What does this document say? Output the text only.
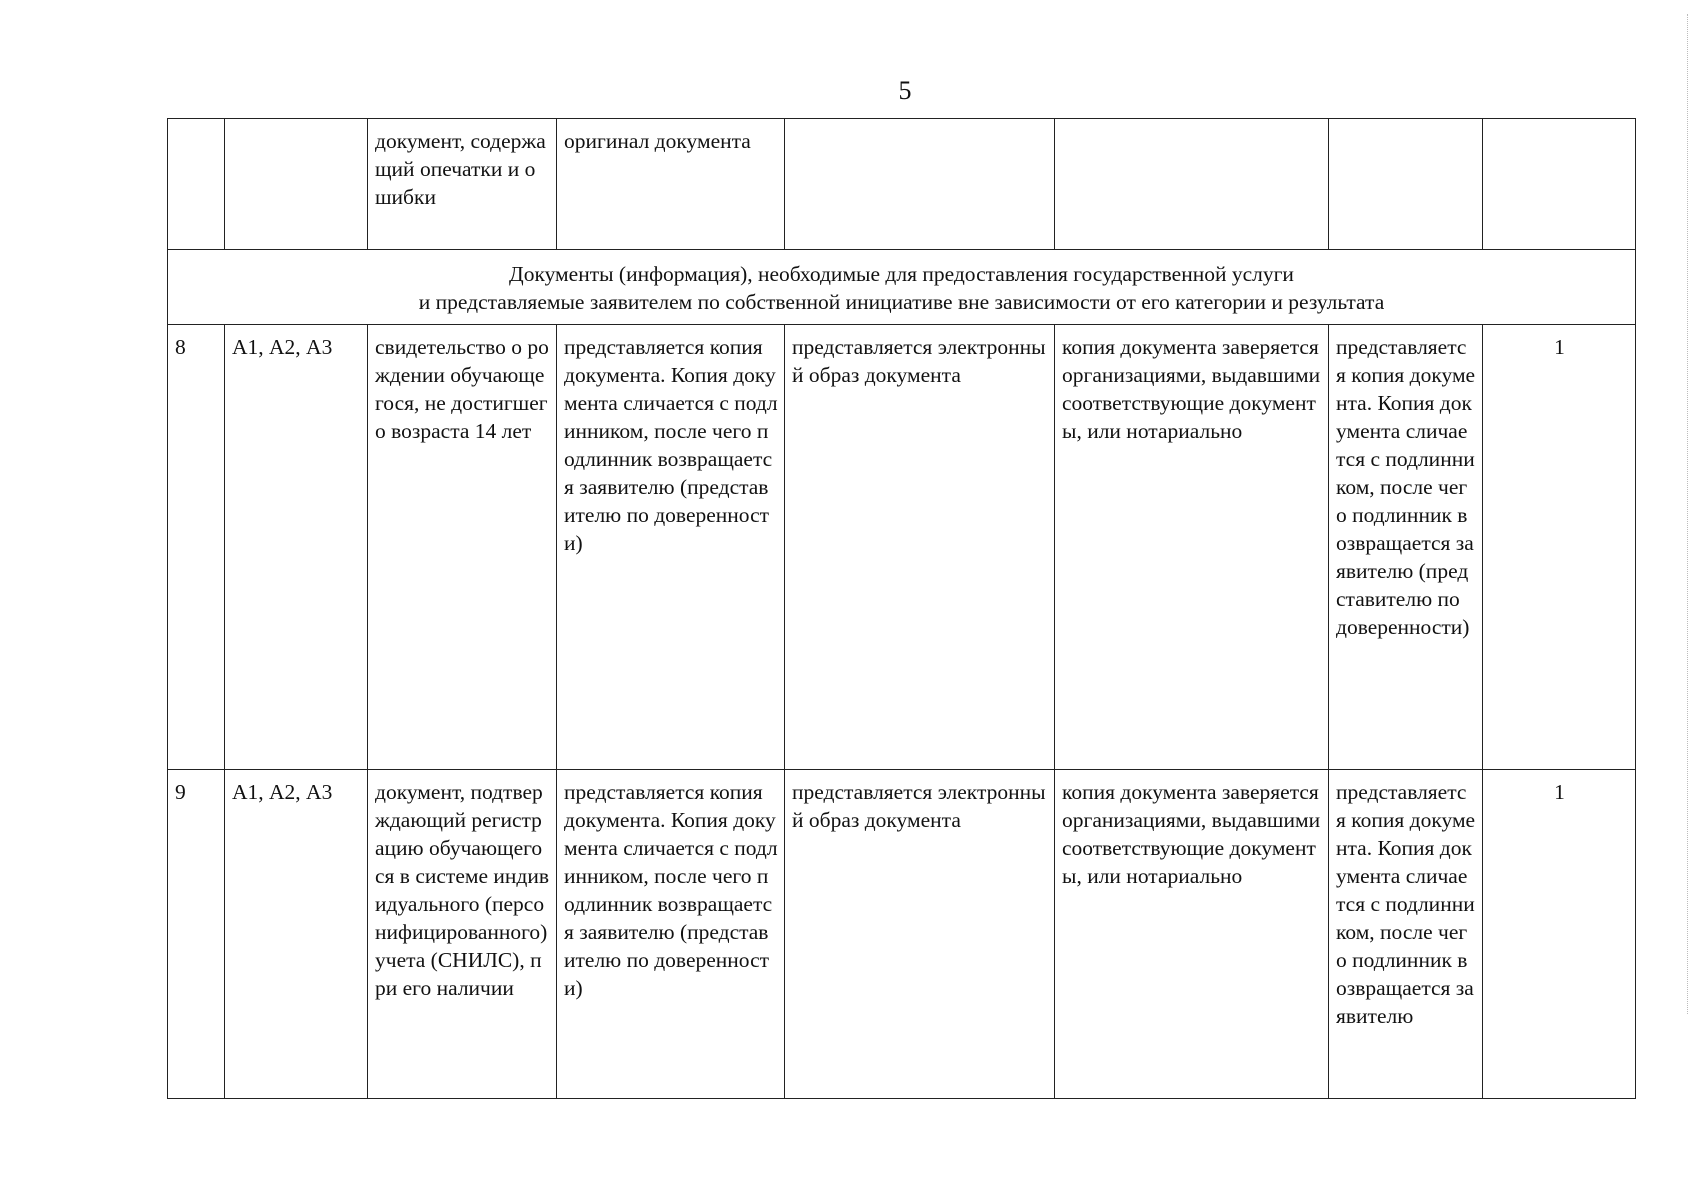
5
		документ, содержащий опечатки и ошибки	оригинал документа				

Документы (информация), необходимые для предоставления государственной услуги
и представляемые заявителем по собственной инициативе вне зависимости от его категории и результата							

8	А1, А2, А3	свидетельство о рождении обучающегося, не достигшего возраста 14 лет	представляется копия документа. Копия документа сличается с подлинником, после чего подлинник возвращается заявителю (представителю по доверенности)	представляется электронный образ документа	копия документа заверяется организациями, выдавшими соответствующие документы, или нотариально	представляется копия документа. Копия документа сличается с подлинником, после чего подлинник возвращается заявителю (представителю по доверенности)	1
9	А1, А2, А3	документ, подтверждающий регистрацию обучающегося в системе индивидуального (персонифицированного) учета (СНИЛС), при его наличии	представляется копия документа. Копия документа сличается с подлинником, после чего подлинник возвращается заявителю (представителю по доверенности)	представляется электронный образ документа	копия документа заверяется организациями, выдавшими соответствующие документы, или нотариально	представляется копия документа. Копия документа сличается с подлинником, после чего подлинник возвращается заявителю	1
